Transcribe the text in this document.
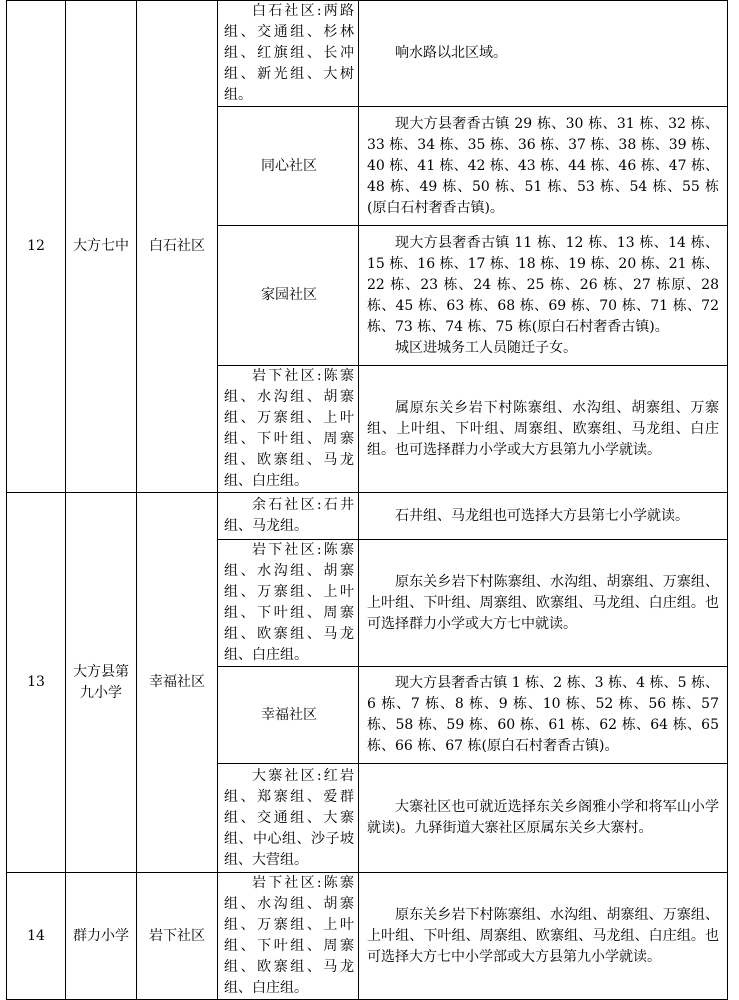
12	大方七中	白石社区	白石社区:两路组、交通组、杉林组、红旗组、长冲组、新光组、大树组。	响水路以北区域。

			同心社区	现大方县奢香古镇 29 栋、30 栋、31 栋、32 栋、33 栋、34 栋、35 栋、36 栋、37 栋、38 栋、39 栋、40 栋、41 栋、42 栋、43 栋、44 栋、46 栋、47 栋、48 栋、49 栋、50 栋、51 栋、53 栋、54 栋、55 栋(原白石村奢香古镇)。

			家园社区	现大方县奢香古镇 11 栋、12 栋、13 栋、14 栋、15 栋、16 栋、17 栋、18 栋、19 栋、20 栋、21 栋、22 栋、23 栋、24 栋、25 栋、26 栋、27 栋原、28 栋、45 栋、63 栋、68 栋、69 栋、70 栋、71 栋、72 栋、73 栋、74 栋、75 栋(原白石村奢香古镇)。

城区进城务工人员随迁子女。

			岩下社区:陈寨组、水沟组、胡寨组、万寨组、上叶组、下叶组、周寨组、欧寨组、马龙组、白庄组。	属原东关乡岩下村陈寨组、水沟组、胡寨组、万寨组、上叶组、下叶组、周寨组、欧寨组、马龙组、白庄组。也可选择群力小学或大方县第九小学就读。

13	大方县第九小学	幸福社区	余石社区:石井组、马龙组。	石井组、马龙组也可选择大方县第七小学就读。

			岩下社区:陈寨组、水沟组、胡寨组、万寨组、上叶组、下叶组、周寨组、欧寨组、马龙组、白庄组。	原东关乡岩下村陈寨组、水沟组、胡寨组、万寨组、上叶组、下叶组、周寨组、欧寨组、马龙组、白庄组。也可选择群力小学或大方七中就读。

			幸福社区	现大方县奢香古镇 1 栋、2 栋、3 栋、4 栋、5 栋、6 栋、7 栋、8 栋、9 栋、10 栋、52 栋、56 栋、57 栋、58 栋、59 栋、60 栋、61 栋、62 栋、64 栋、65 栋、66 栋、67 栋(原白石村奢香古镇)。

			大寨社区:红岩组、郑寨组、爱群组、交通组、大寨组、中心组、沙子坡组、大营组。	大寨社区也可就近选择东关乡阁雅小学和将军山小学就读)。九驿街道大寨社区原属东关乡大寨村。

14	群力小学	岩下社区	岩下社区:陈寨组、水沟组、胡寨组、万寨组、上叶组、下叶组、周寨组、欧寨组、马龙组、白庄组。	原东关乡岩下村陈寨组、水沟组、胡寨组、万寨组、上叶组、下叶组、周寨组、欧寨组、马龙组、白庄组。也可选择大方七中小学部或大方县第九小学就读。
